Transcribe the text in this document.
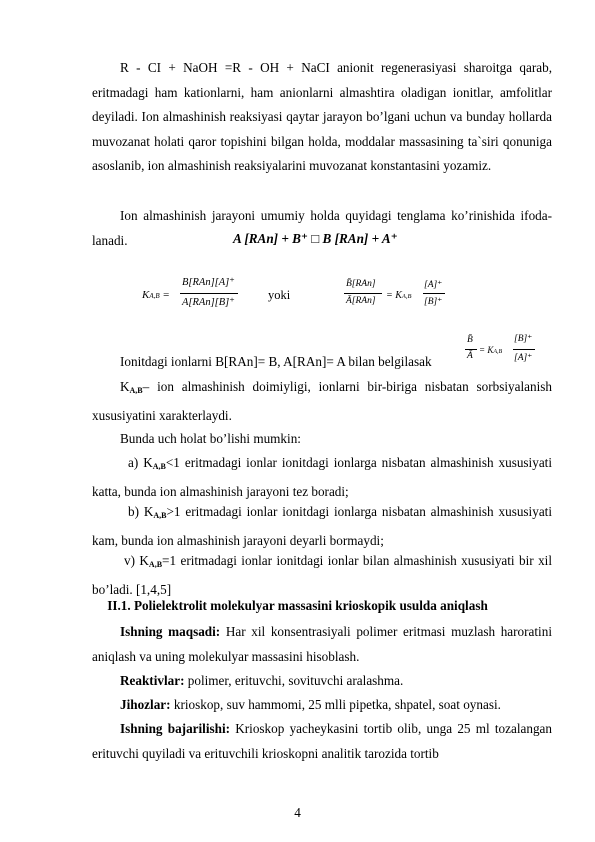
R - CI + NaOH =R - OH + NaCI anionit regenerasiyasi sharoitga qarab, eritmadagi ham kationlarni, ham anionlarni almashtira oladigan ionitlar, amfolitlar deyiladi. Ion almashinish reaksiyasi qaytar jarayon bo’lgani uchun va bunday hollarda muvozanat holati qaror topishini bilgan holda, moddalar massasining ta`siri qonuniga asoslanib, ion almashinish reaksiyalarini muvozanat konstantasini yozamiz.

Ion almashinish jarayoni umumiy holda quyidagi tenglama ko’rinishida ifoda- lanadi.	A [RAn] + B⁺ □ B [RAn] + A⁺
KA,B =
B[RAn][A]⁺
A[RAn][B]⁺
yoki
B̄[RAn]
Ā[RAn] = KA,B
[A]⁺
[B]⁺
Ionitdagi ionlarni B[RAn]= B, A[RAn]= A bilan belgilasak
B̄
Ā
= KA,B
[B]⁺
[A]⁺

$K_{A,B}-$ ion almashinish doimiyligi, ionlarni bir-biriga nisbatan sorbsiyalanish xususiyatini xarakterlaydi.

Bunda uch holat bo’lishi mumkin:

a) $K_{A,B}<1$ eritmadagi ionlar ionitdagi ionlarga nisbatan almashinish xususiyati katta, bunda ion almashinish jarayoni tez boradi;

b) $K_{A,B}>1$ eritmadagi ionlar ionitdagi ionlarga nisbatan almashinish xususiyati kam, bunda ion almashinish jarayoni deyarli bormaydi;

v) $K_{A,B}=1$ eritmadagi ionlar ionitdagi ionlar bilan almashinish xususiyati bir xil bo’ladi. [1,4,5]

II.1. Polielektrolit molekulyar massasini krioskopik usulda aniqlash

Ishning maqsadi: Har xil konsentrasiyali polimer eritmasi muzlash haroratini aniqlash va uning molekulyar massasini hisoblash.

Reaktivlar: polimer, erituvchi, sovituvchi aralashma.

Jihozlar: krioskop, suv hammomi, 25 mlli pipetka, shpatel, soat oynasi.

Ishning bajarilishi: Krioskop yacheykasini tortib olib, unga 25 ml tozalangan erituvchi quyiladi va erituvchili krioskopni analitik tarozida tortib

4
